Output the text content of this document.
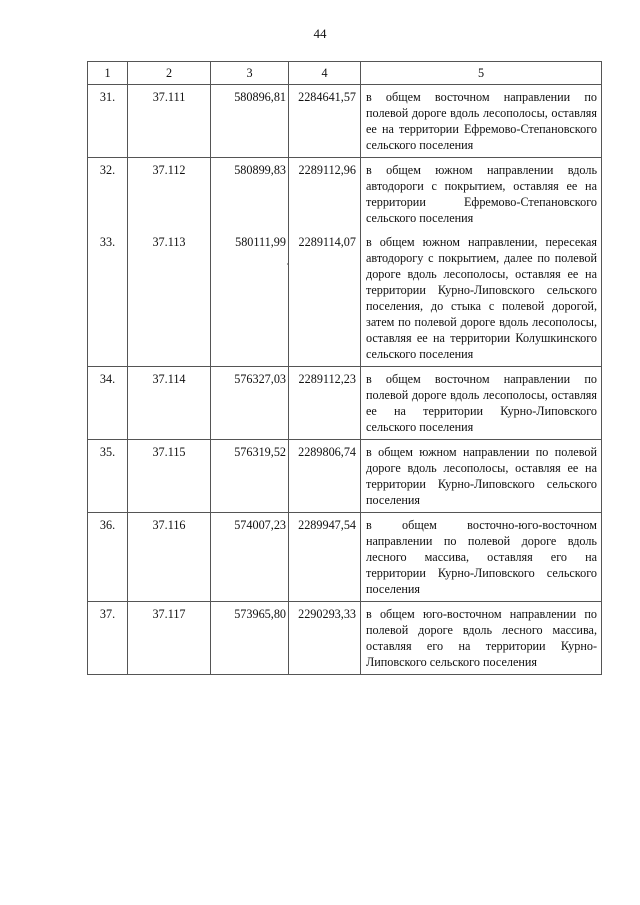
44
1	2	3	4	5
31.	37.111	580896,81	2284641,57	в общем восточном направлении по полевой дороге вдоль лесополосы, оставляя ее на территории Ефремово-Степановского сельского поселения
32.	37.112	580899,83	2289112,96	в общем южном направлении вдоль автодороги с покрытием, оставляя ее на территории Ефремово-Степановского сельского поселения
33.	37.113	580111,99	2289114,07	в общем южном направлении, пересекая автодорогу с покрытием, далее по полевой дороге вдоль лесополосы, оставляя ее на территории Курно-Липовского сельского поселения, до стыка с полевой дорогой, затем по полевой дороге вдоль лесополосы, оставляя ее на территории Колушкинского сельского поселения
34.	37.114	576327,03	2289112,23	в общем восточном направлении по полевой дороге вдоль лесополосы, оставляя ее на территории Курно-Липовского сельского поселения
35.	37.115	576319,52	2289806,74	в общем южном направлении по полевой дороге вдоль лесополосы, оставляя ее на территории Курно-Липовского сельского поселения
36.	37.116	574007,23	2289947,54	в общем восточно-юго-восточном направлении по полевой дороге вдоль лесного массива, оставляя его на территории Курно-Липовского сельского поселения
37.	37.117	573965,80	2290293,33	в общем юго-восточном направлении по полевой дороге вдоль лесного массива, оставляя его на территории Курно-Липовского сельского поселения
